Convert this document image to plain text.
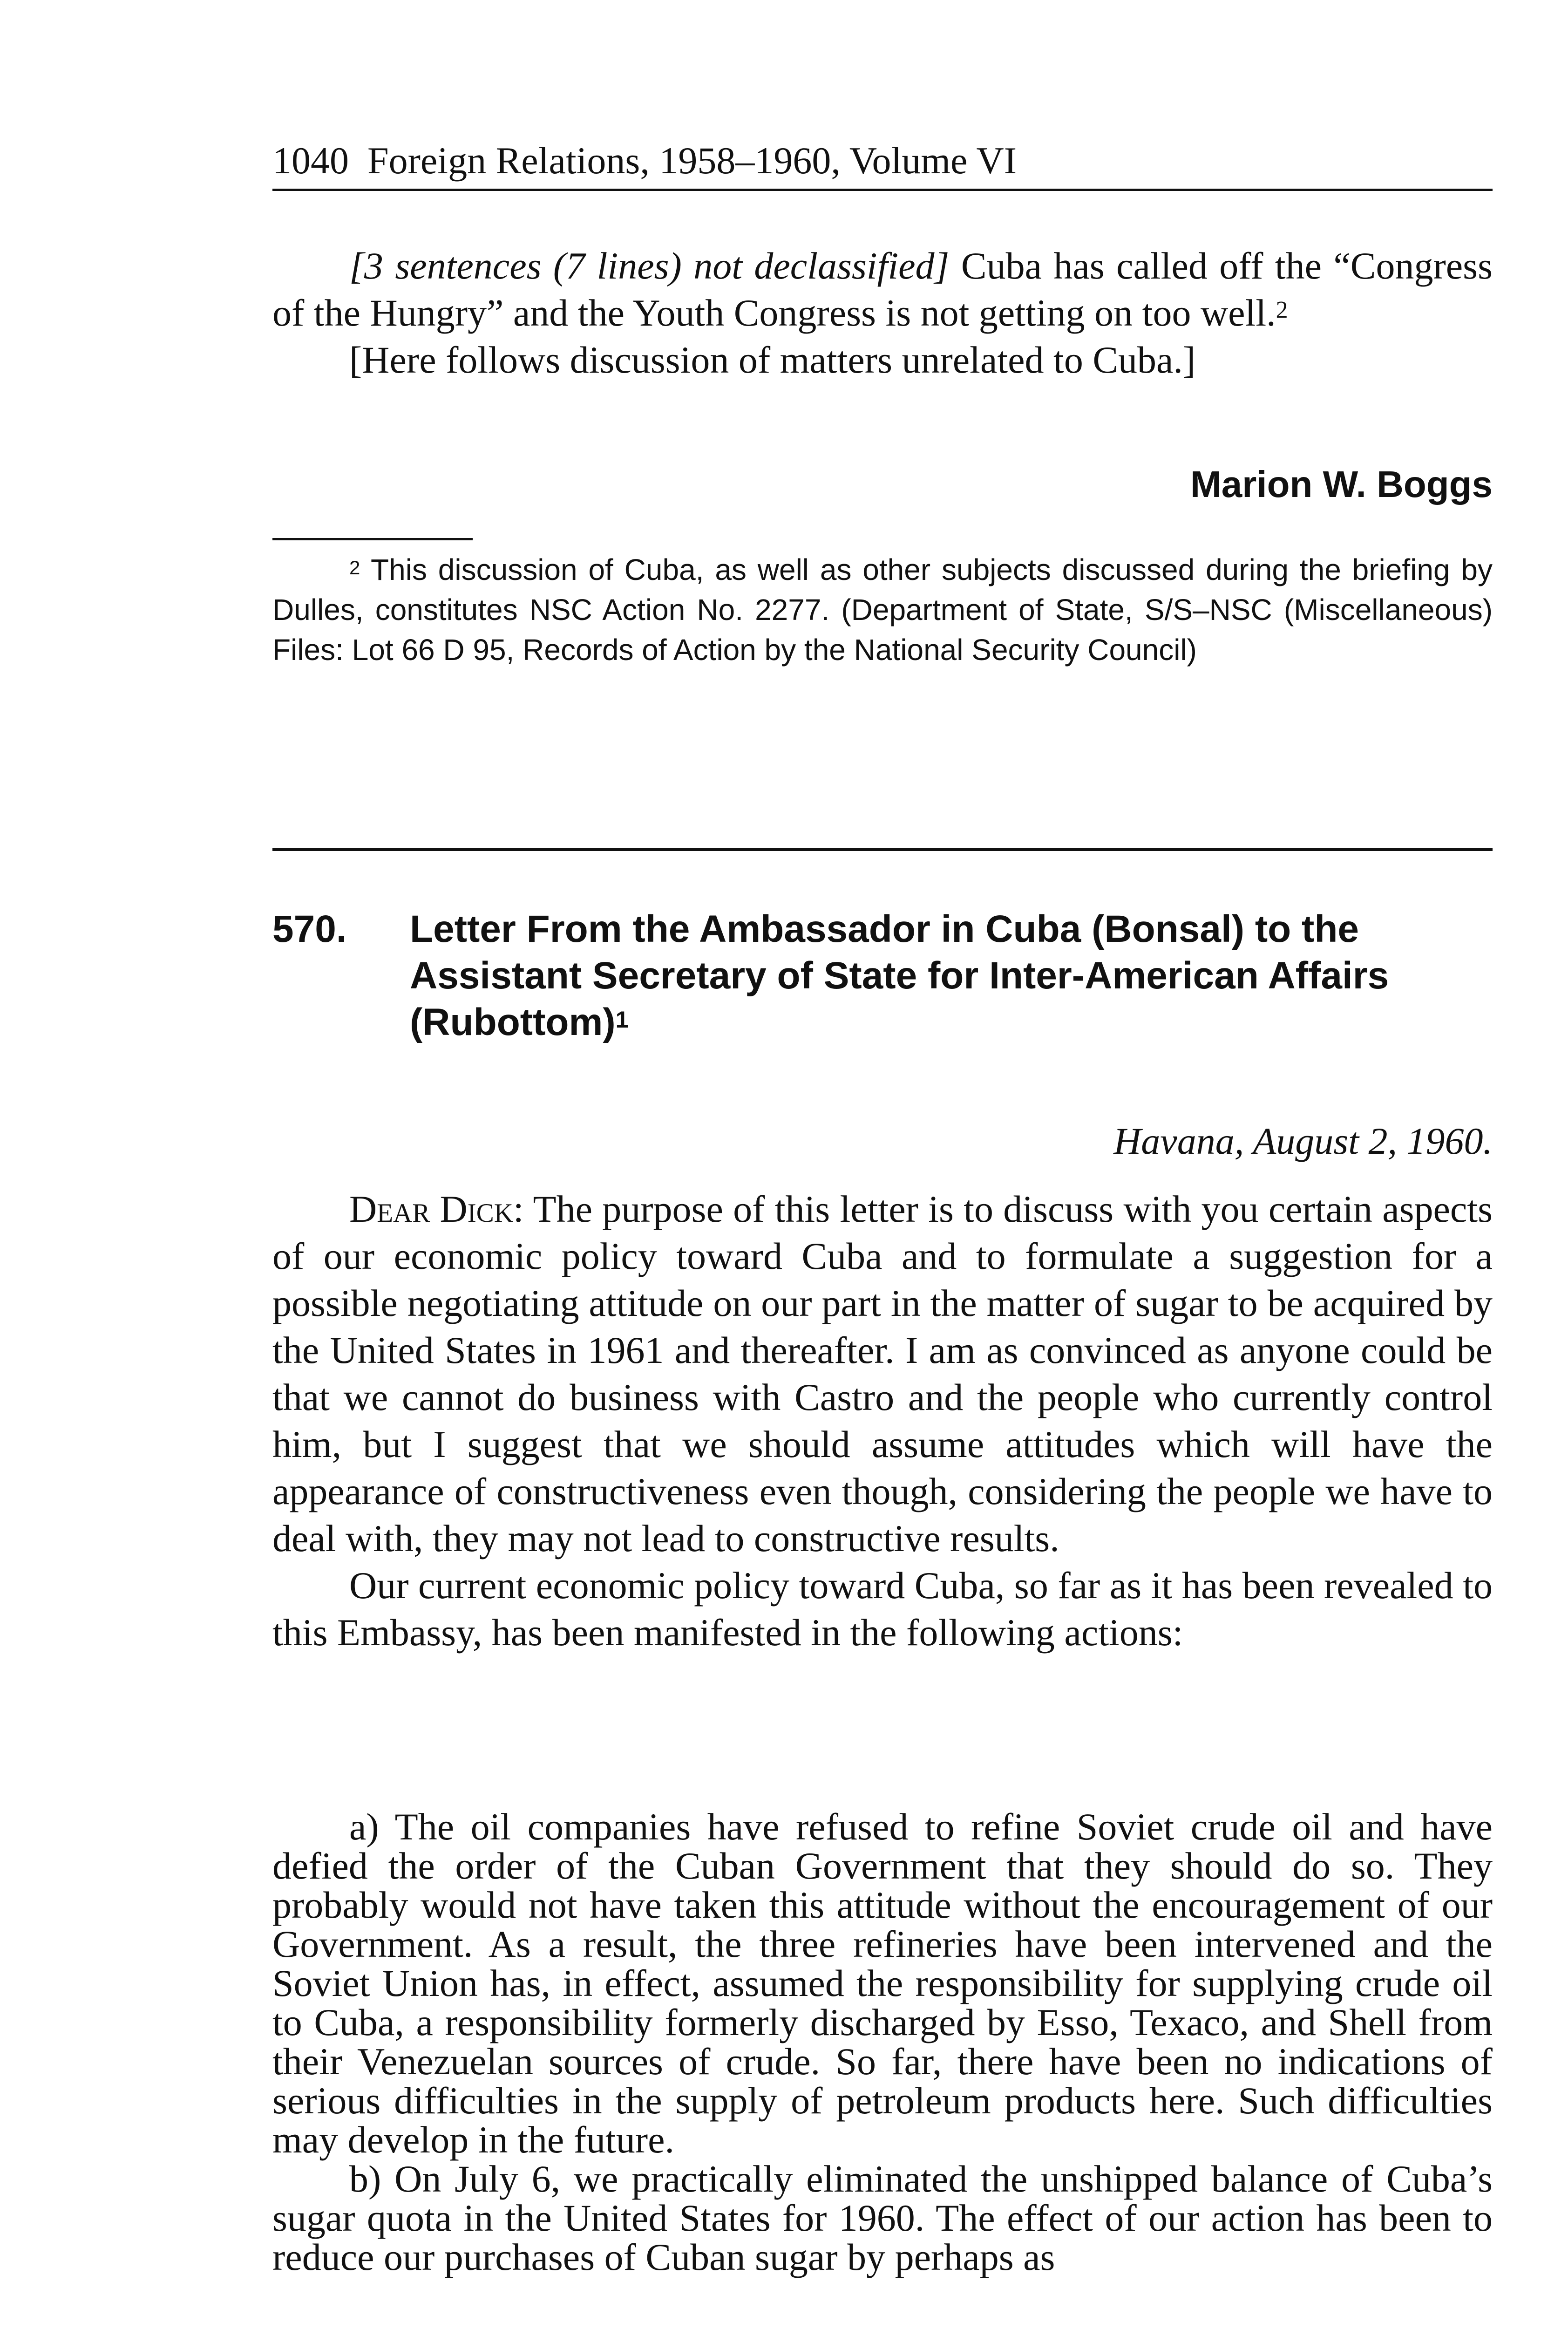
1040 Foreign Relations, 1958–1960, Volume VI

[3 sentences (7 lines) not declassified] Cuba has called off the “Congress of the Hungry” and the Youth Congress is not getting on too well.$^2$

[Here follows discussion of matters unrelated to Cuba.]

Marion W. Boggs
$^2$ This discussion of Cuba, as well as other subjects discussed during the briefing by Dulles, constitutes NSC Action No. 2277. (Department of State, S/S–NSC (Miscellaneous) Files: Lot 66 D 95, Records of Action by the National Security Council)
570. Letter From the Ambassador in Cuba (Bonsal) to the Assistant Secretary of State for Inter-American Affairs (Rubottom)$^1$
Havana, August 2, 1960.

Dear Dick: The purpose of this letter is to discuss with you certain aspects of our economic policy toward Cuba and to formulate a suggestion for a possible negotiating attitude on our part in the matter of sugar to be acquired by the United States in 1961 and thereafter. I am as convinced as anyone could be that we cannot do business with Castro and the people who currently control him, but I suggest that we should assume attitudes which will have the appearance of constructiveness even though, considering the people we have to deal with, they may not lead to constructive results.

Our current economic policy toward Cuba, so far as it has been revealed to this Embassy, has been manifested in the following actions:

a) The oil companies have refused to refine Soviet crude oil and have defied the order of the Cuban Government that they should do so. They probably would not have taken this attitude without the encouragement of our Government. As a result, the three refineries have been intervened and the Soviet Union has, in effect, assumed the responsibility for supplying crude oil to Cuba, a responsibility formerly discharged by Esso, Texaco, and Shell from their Venezuelan sources of crude. So far, there have been no indications of serious difficulties in the supply of petroleum products here. Such difficulties may develop in the future.

b) On July 6, we practically eliminated the unshipped balance of Cuba’s sugar quota in the United States for 1960. The effect of our action has been to reduce our purchases of Cuban sugar by perhaps as
